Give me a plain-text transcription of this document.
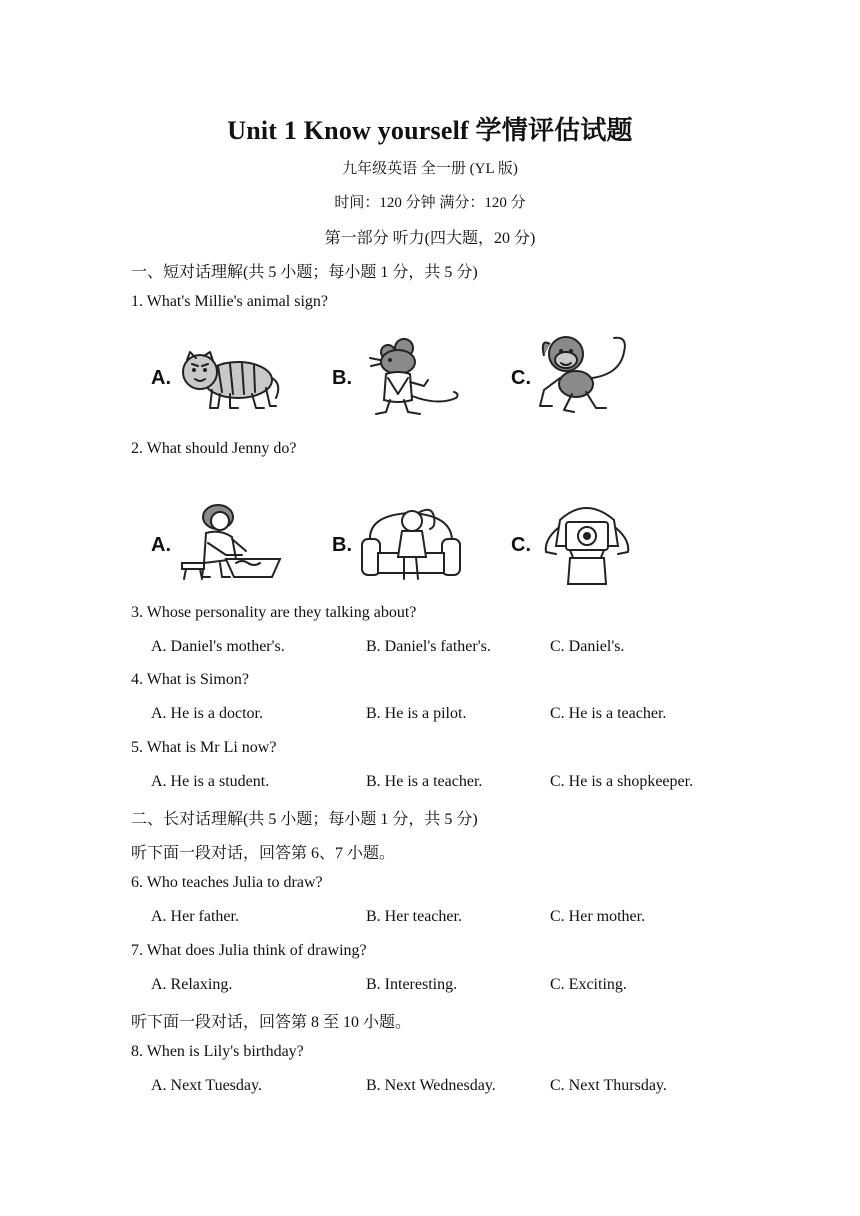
Unit 1 Know yourself 学情评估试题
九年级英语 全一册 (YL 版)
时间：120 分钟 满分：120 分
第一部分 听力(四大题，20 分)
一、短对话理解(共 5 小题；每小题 1 分，共 5 分)
1. What's Millie's animal sign?
A.	B.	C.
2. What should Jenny do?
A.	B.	C.
3. Whose personality are they talking about?
A. Daniel's mother's.	B. Daniel's father's.	C. Daniel's.
4. What is Simon?
A. He is a doctor.	B. He is a pilot.	C. He is a teacher.
5. What is Mr Li now?
A. He is a student.	B. He is a teacher.	C. He is a shopkeeper.
二、长对话理解(共 5 小题；每小题 1 分，共 5 分)
听下面一段对话，回答第 6、7 小题。
6. Who teaches Julia to draw?
A. Her father.	B. Her teacher.	C. Her mother.
7. What does Julia think of drawing?
A. Relaxing.	B. Interesting.	C. Exciting.
听下面一段对话，回答第 8 至 10 小题。
8. When is Lily's birthday?
A. Next Tuesday.	B. Next Wednesday.	C. Next Thursday.
